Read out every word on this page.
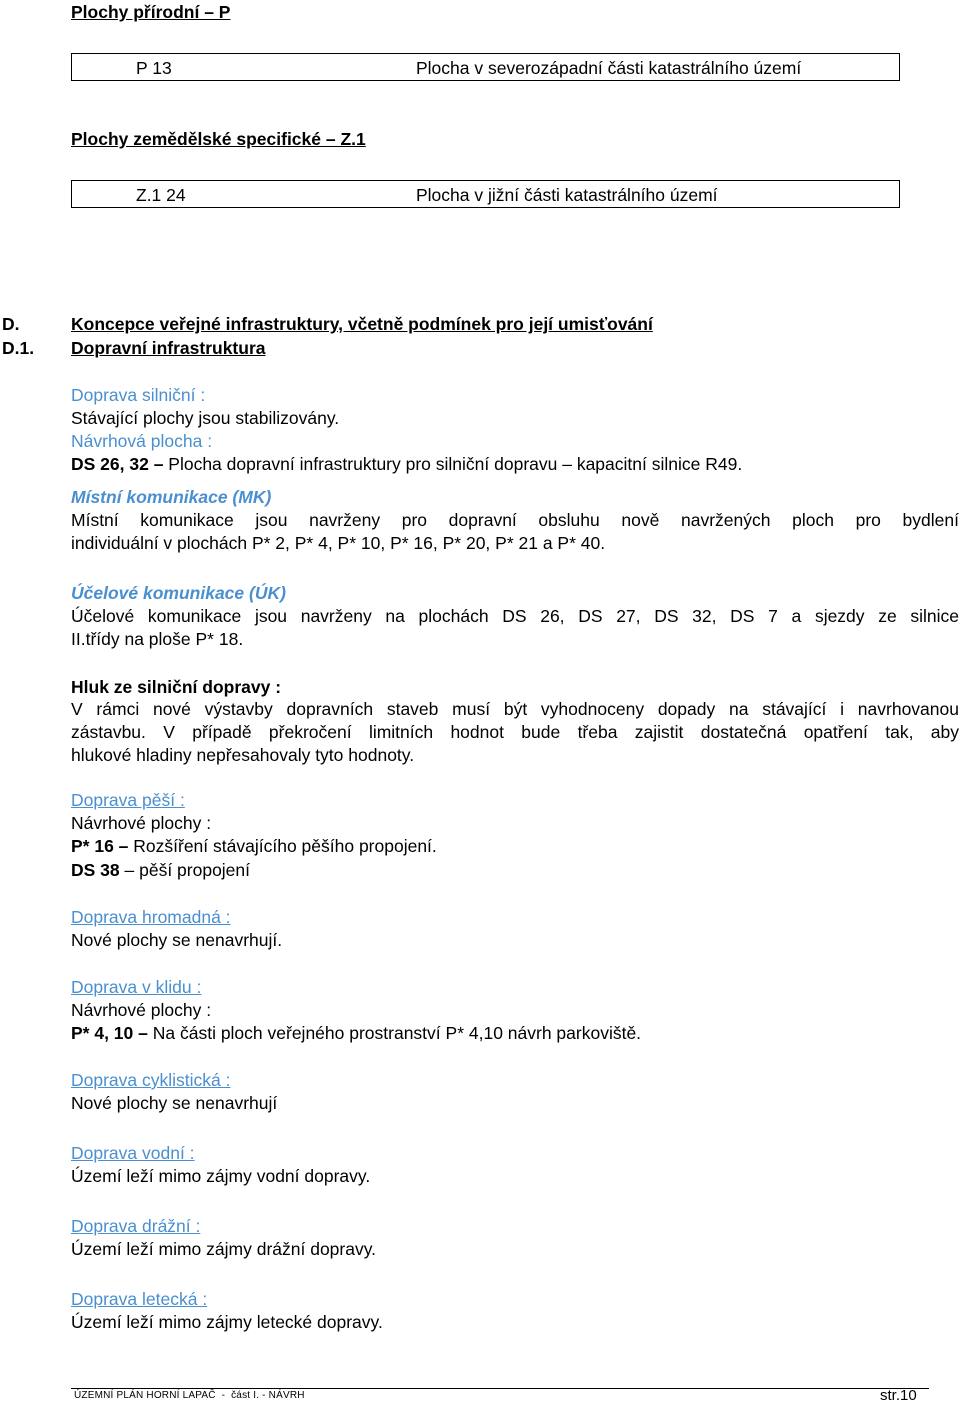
Plochy přírodní – P
P 13	Plocha v severozápadní části katastrálního území
Plochy zemědělské specifické – Z.1
Z.1 24	Plocha v jižní části katastrálního území
D.	Koncepce veřejné infrastruktury, včetně podmínek pro její umisťování
D.1. Dopravní infrastruktura
Doprava silniční :
Stávající plochy jsou stabilizovány.
Návrhová plocha :
DS 26, 32 – Plocha dopravní infrastruktury pro silniční dopravu – kapacitní silnice R49.
Místní komunikace (MK)
Místní komunikace jsou navrženy pro dopravní obsluhu nově navržených ploch pro bydlení
individuální v plochách P* 2, P* 4, P* 10, P* 16, P* 20, P* 21 a P* 40.
Účelové komunikace (ÚK)
Účelové komunikace jsou navrženy na plochách DS 26, DS 27, DS 32, DS 7 a sjezdy ze silnice
II.třídy na ploše P* 18.
Hluk ze silniční dopravy :
V rámci nové výstavby dopravních staveb musí být vyhodnoceny dopady na stávající i navrhovanou
zástavbu. V případě překročení limitních hodnot bude třeba zajistit dostatečná opatření tak, aby
hlukové hladiny nepřesahovaly tyto hodnoty.
Doprava pěší :
Návrhové plochy :
P* 16 – Rozšíření stávajícího pěšího propojení.
DS 38 – pěší propojení
Doprava hromadná :
Nové plochy se nenavrhují.
Doprava v klidu :
Návrhové plochy :
P* 4, 10 – Na části ploch veřejného prostranství P* 4,10 návrh parkoviště.
Doprava cyklistická :
Nové plochy se nenavrhují
Doprava vodní :
Území leží mimo zájmy vodní dopravy.
Doprava drážní :
Území leží mimo zájmy drážní dopravy.
Doprava letecká :
Území leží mimo zájmy letecké dopravy.
ÚZEMNÍ PLÁN HORNÍ LAPAČ  -  část I. - NÁVRH	str.10
